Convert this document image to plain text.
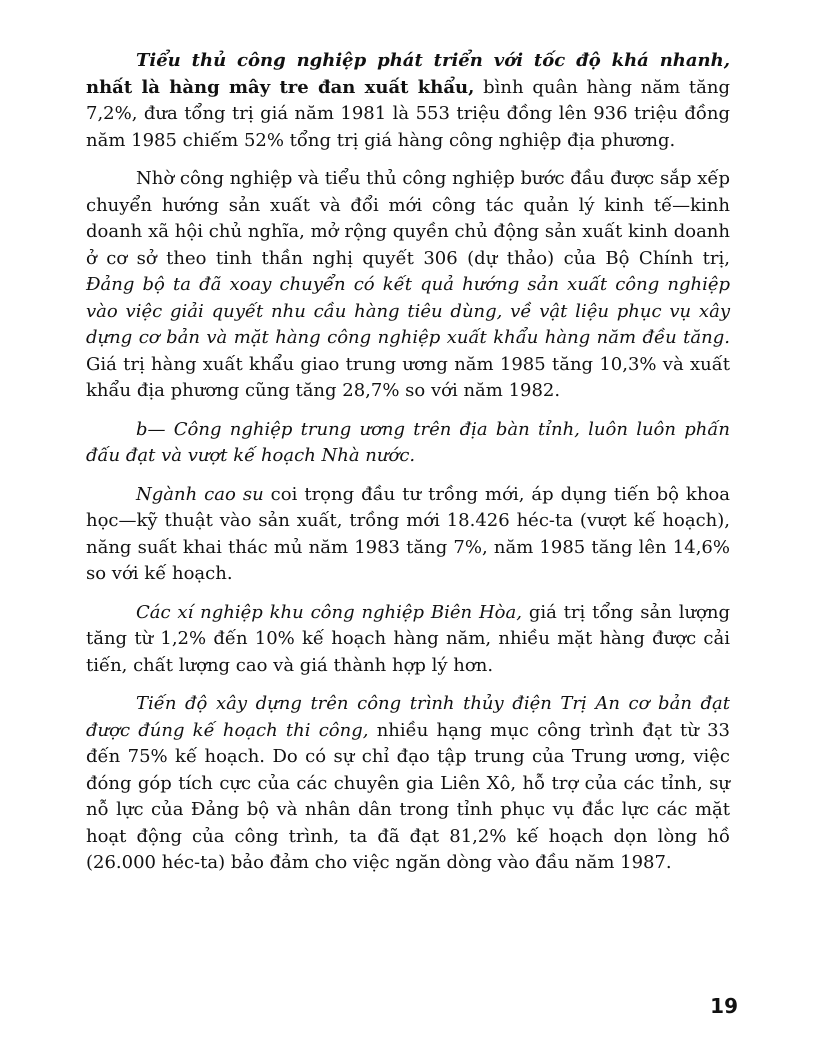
Tiểu thủ công nghiệp phát triển với tốc độ khá nhanh, nhất là hàng mây tre đan xuất khẩu, bình quân hàng năm tăng 7,2%, đưa tổng trị giá năm 1981 là 553 triệu đồng lên 936 triệu đồng năm 1985 chiếm 52% tổng trị giá hàng công nghiệp địa phương.

Nhờ công nghiệp và tiểu thủ công nghiệp bước đầu được sắp xếp chuyển hướng sản xuất và đổi mới công tác quản lý kinh tế—kinh doanh xã hội chủ nghĩa, mở rộng quyền chủ động sản xuất kinh doanh ở cơ sở theo tinh thần nghị quyết 306 (dự thảo) của Bộ Chính trị, Đảng bộ ta đã xoay chuyển có kết quả hướng sản xuất công nghiệp vào việc giải quyết nhu cầu hàng tiêu dùng, về vật liệu phục vụ xây dựng cơ bản và mặt hàng công nghiệp xuất khẩu hàng năm đều tăng. Giá trị hàng xuất khẩu giao trung ương năm 1985 tăng 10,3% và xuất khẩu địa phương cũng tăng 28,7% so với năm 1982.

b— Công nghiệp trung ương trên địa bàn tỉnh, luôn luôn phấn đấu đạt và vượt kế hoạch Nhà nước.

Ngành cao su coi trọng đầu tư trồng mới, áp dụng tiến bộ khoa học—kỹ thuật vào sản xuất, trồng mới 18.426 héc-ta (vượt kế hoạch), năng suất khai thác mủ năm 1983 tăng 7%, năm 1985 tăng lên 14,6% so với kế hoạch.

Các xí nghiệp khu công nghiệp Biên Hòa, giá trị tổng sản lượng tăng từ 1,2% đến 10% kế hoạch hàng năm, nhiều mặt hàng được cải tiến, chất lượng cao và giá thành hợp lý hơn.

Tiến độ xây dựng trên công trình thủy điện Trị An cơ bản đạt được đúng kế hoạch thi công, nhiều hạng mục công trình đạt từ 33 đến 75% kế hoạch. Do có sự chỉ đạo tập trung của Trung ương, việc đóng góp tích cực của các chuyên gia Liên Xô, hỗ trợ của các tỉnh, sự nỗ lực của Đảng bộ và nhân dân trong tỉnh phục vụ đắc lực các mặt hoạt động của công trình, ta đã đạt 81,2% kế hoạch dọn lòng hồ (26.000 héc-ta) bảo đảm cho việc ngăn dòng vào đầu năm 1987.

19
